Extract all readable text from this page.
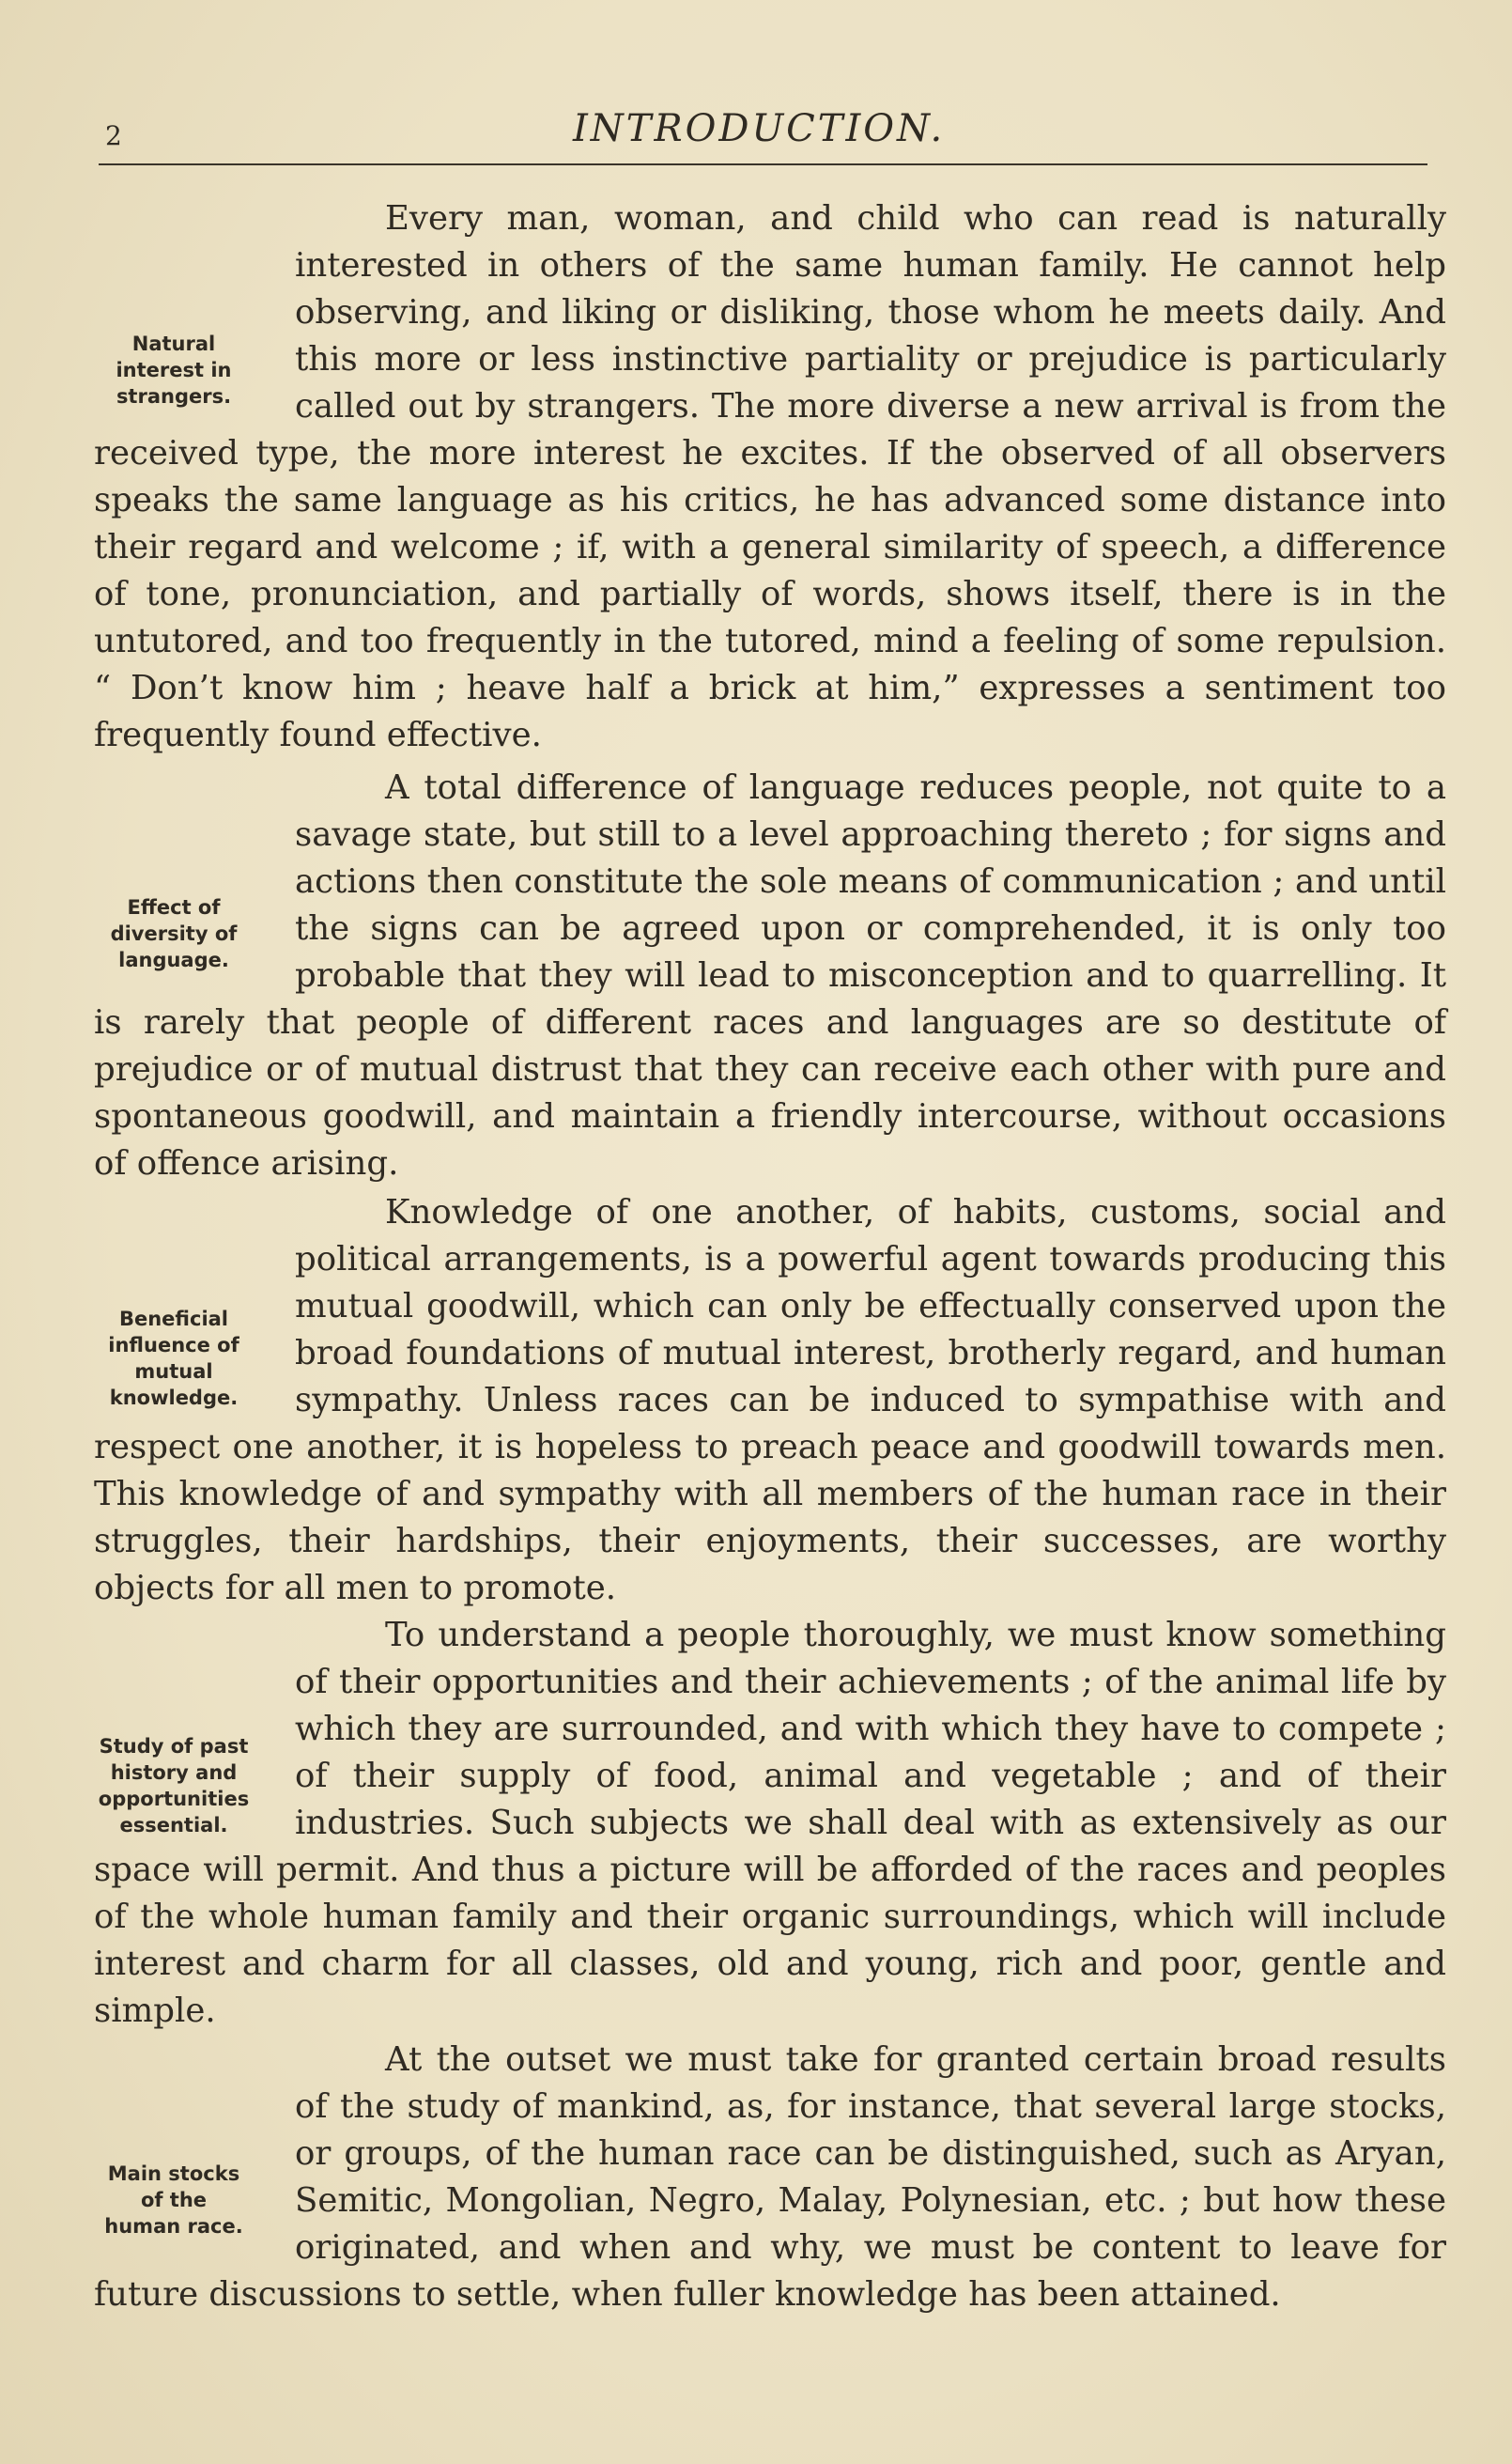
2	INTRODUCTION.
Natural
interest in
strangers.
Effect of
diversity of
language.
Beneficial
influence of
mutual
knowledge.
Study of past
history and
opportunities
essential.
Main stocks
of the
human race.

Every man, woman, and child who can read is naturally interested in others of the same human family. He cannot help observing, and liking or disliking, those whom he meets daily. And this more or less instinctive partiality or prejudice is particularly called out by strangers. The more diverse a new arrival is from the received type, the more interest he excites. If the observed of all observers speaks the same language as his critics, he has advanced some distance into their regard and welcome ; if, with a general similarity of speech, a difference of tone, pronunciation, and partially of words, shows itself, there is in the untutored, and too frequently in the tutored, mind a feeling of some repulsion. “ Don’t know him ; heave half a brick at him,” expresses a sentiment too frequently found effective.

A total difference of language reduces people, not quite to a savage state, but still to a level approaching thereto ; for signs and actions then constitute the sole means of communication ; and until the signs can be agreed upon or comprehended, it is only too probable that they will lead to misconception and to quarrelling. It is rarely that people of different races and languages are so destitute of prejudice or of mutual distrust that they can receive each other with pure and spontaneous goodwill, and maintain a friendly intercourse, without occasions of offence arising.

Knowledge of one another, of habits, customs, social and political arrangements, is a powerful agent towards producing this mutual goodwill, which can only be effectually conserved upon the broad foundations of mutual interest, brotherly regard, and human sympathy. Unless races can be induced to sympathise with and respect one another, it is hopeless to preach peace and goodwill towards men. This knowledge of and sympathy with all members of the human race in their struggles, their hardships, their enjoyments, their successes, are worthy objects for all men to promote.

To understand a people thoroughly, we must know something of their opportunities and their achievements ; of the animal life by which they are surrounded, and with which they have to compete ; of their supply of food, animal and vegetable ; and of their industries. Such subjects we shall deal with as extensively as our space will permit. And thus a picture will be afforded of the races and peoples of the whole human family and their organic surroundings, which will include interest and charm for all classes, old and young, rich and poor, gentle and simple.

At the outset we must take for granted certain broad results of the study of mankind, as, for instance, that several large stocks, or groups, of the human race can be distinguished, such as Aryan, Semitic, Mongolian, Negro, Malay, Polynesian, etc. ; but how these originated, and when and why, we must be content to leave for future discussions to settle, when fuller knowledge has been attained.
